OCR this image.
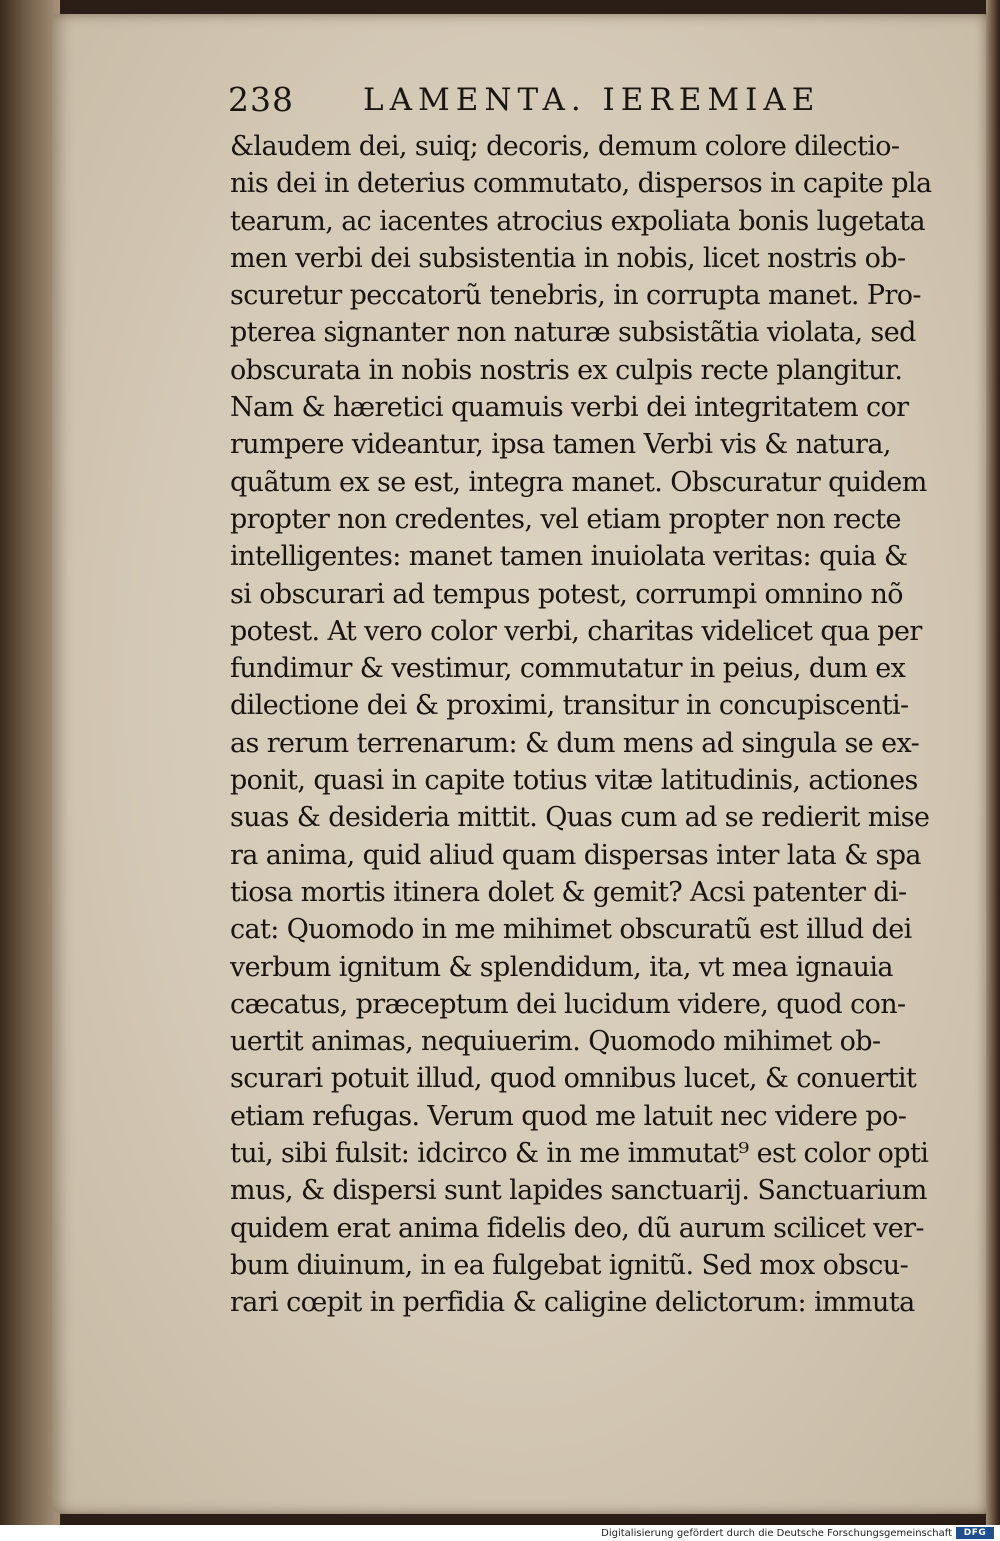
238 LAMENTA. IEREMIAE
&laudem dei, suiq; decoris, demum colore dilectio-
nis dei in deterius commutato, dispersos in capite pla
tearum, ac iacentes atrocius expoliata bonis lugetata
men verbi dei subsistentia in nobis, licet nostris ob-
scuretur peccatorũ tenebris, in corrupta manet. Pro-
pterea signanter non naturæ subsistãtia violata, sed
obscurata in nobis nostris ex culpis recte plangitur.
Nam & hæretici quamuis verbi dei integritatem cor
rumpere videantur, ipsa tamen Verbi vis & natura,
quãtum ex se est, integra manet. Obscuratur quidem
propter non credentes, vel etiam propter non recte
intelligentes: manet tamen inuiolata veritas: quia &
si obscurari ad tempus potest, corrumpi omnino nõ
potest. At vero color verbi, charitas videlicet qua per
fundimur & vestimur, commutatur in peius, dum ex
dilectione dei & proximi, transitur in concupiscenti-
as rerum terrenarum: & dum mens ad singula se ex-
ponit, quasi in capite totius vitæ latitudinis, actiones
suas & desideria mittit. Quas cum ad se redierit mise
ra anima, quid aliud quam dispersas inter lata & spa
tiosa mortis itinera dolet & gemit? Acsi patenter di-
cat: Quomodo in me mihimet obscuratũ est illud dei
verbum ignitum & splendidum, ita, vt mea ignauia
cæcatus, præceptum dei lucidum videre, quod con-
uertit animas, nequiuerim. Quomodo mihimet ob-
scurari potuit illud, quod omnibus lucet, & conuertit
etiam refugas. Verum quod me latuit nec videre po-
tui, sibi fulsit: idcirco & in me immutat⁹ est color opti
mus, & dispersi sunt lapides sanctuarij. Sanctuarium
quidem erat anima fidelis deo, dũ aurum scilicet ver-
bum diuinum, in ea fulgebat ignitũ. Sed mox obscu-
rari cœpit in perfidia & caligine delictorum: immuta
Digitalisierung gefördert durch die Deutsche Forschungsgemeinschaft	DFG
